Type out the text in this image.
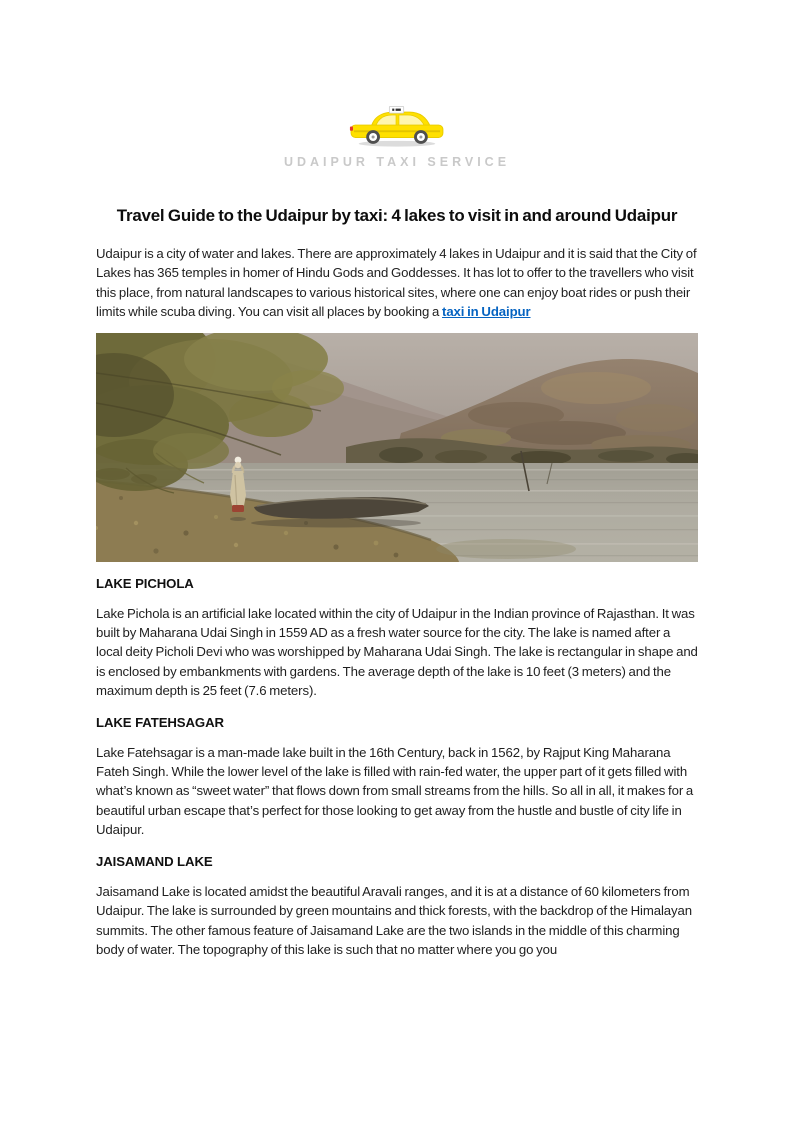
UDAIPUR TAXI SERVICE
Travel Guide to the Udaipur by taxi: 4 lakes to visit in and around Udaipur

Udaipur is a city of water and lakes. There are approximately 4 lakes in Udaipur and it is said that the City of Lakes has 365 temples in homer of Hindu Gods and Goddesses. It has lot to offer to the travellers who visit this place, from natural landscapes to various historical sites, where one can enjoy boat rides or push their limits while scuba diving. You can visit all places by booking a taxi in Udaipur

LAKE PICHOLA

Lake Pichola is an artificial lake located within the city of Udaipur in the Indian province of Rajasthan. It was built by Maharana Udai Singh in 1559 AD as a fresh water source for the city. The lake is named after a local deity Picholi Devi who was worshipped by Maharana Udai Singh. The lake is rectangular in shape and is enclosed by embankments with gardens. The average depth of the lake is 10 feet (3 meters) and the maximum depth is 25 feet (7.6 meters).

LAKE FATEHSAGAR

Lake Fatehsagar is a man-made lake built in the 16th Century, back in 1562, by Rajput King Maharana Fateh Singh. While the lower level of the lake is filled with rain-fed water, the upper part of it gets filled with what’s known as “sweet water” that flows down from small streams from the hills. So all in all, it makes for a beautiful urban escape that’s perfect for those looking to get away from the hustle and bustle of city life in Udaipur.

JAISAMAND LAKE

Jaisamand Lake is located amidst the beautiful Aravali ranges, and it is at a distance of 60 kilometers from Udaipur. The lake is surrounded by green mountains and thick forests, with the backdrop of the Himalayan summits. The other famous feature of Jaisamand Lake are the two islands in the middle of this charming body of water. The topography of this lake is such that no matter where you go you
